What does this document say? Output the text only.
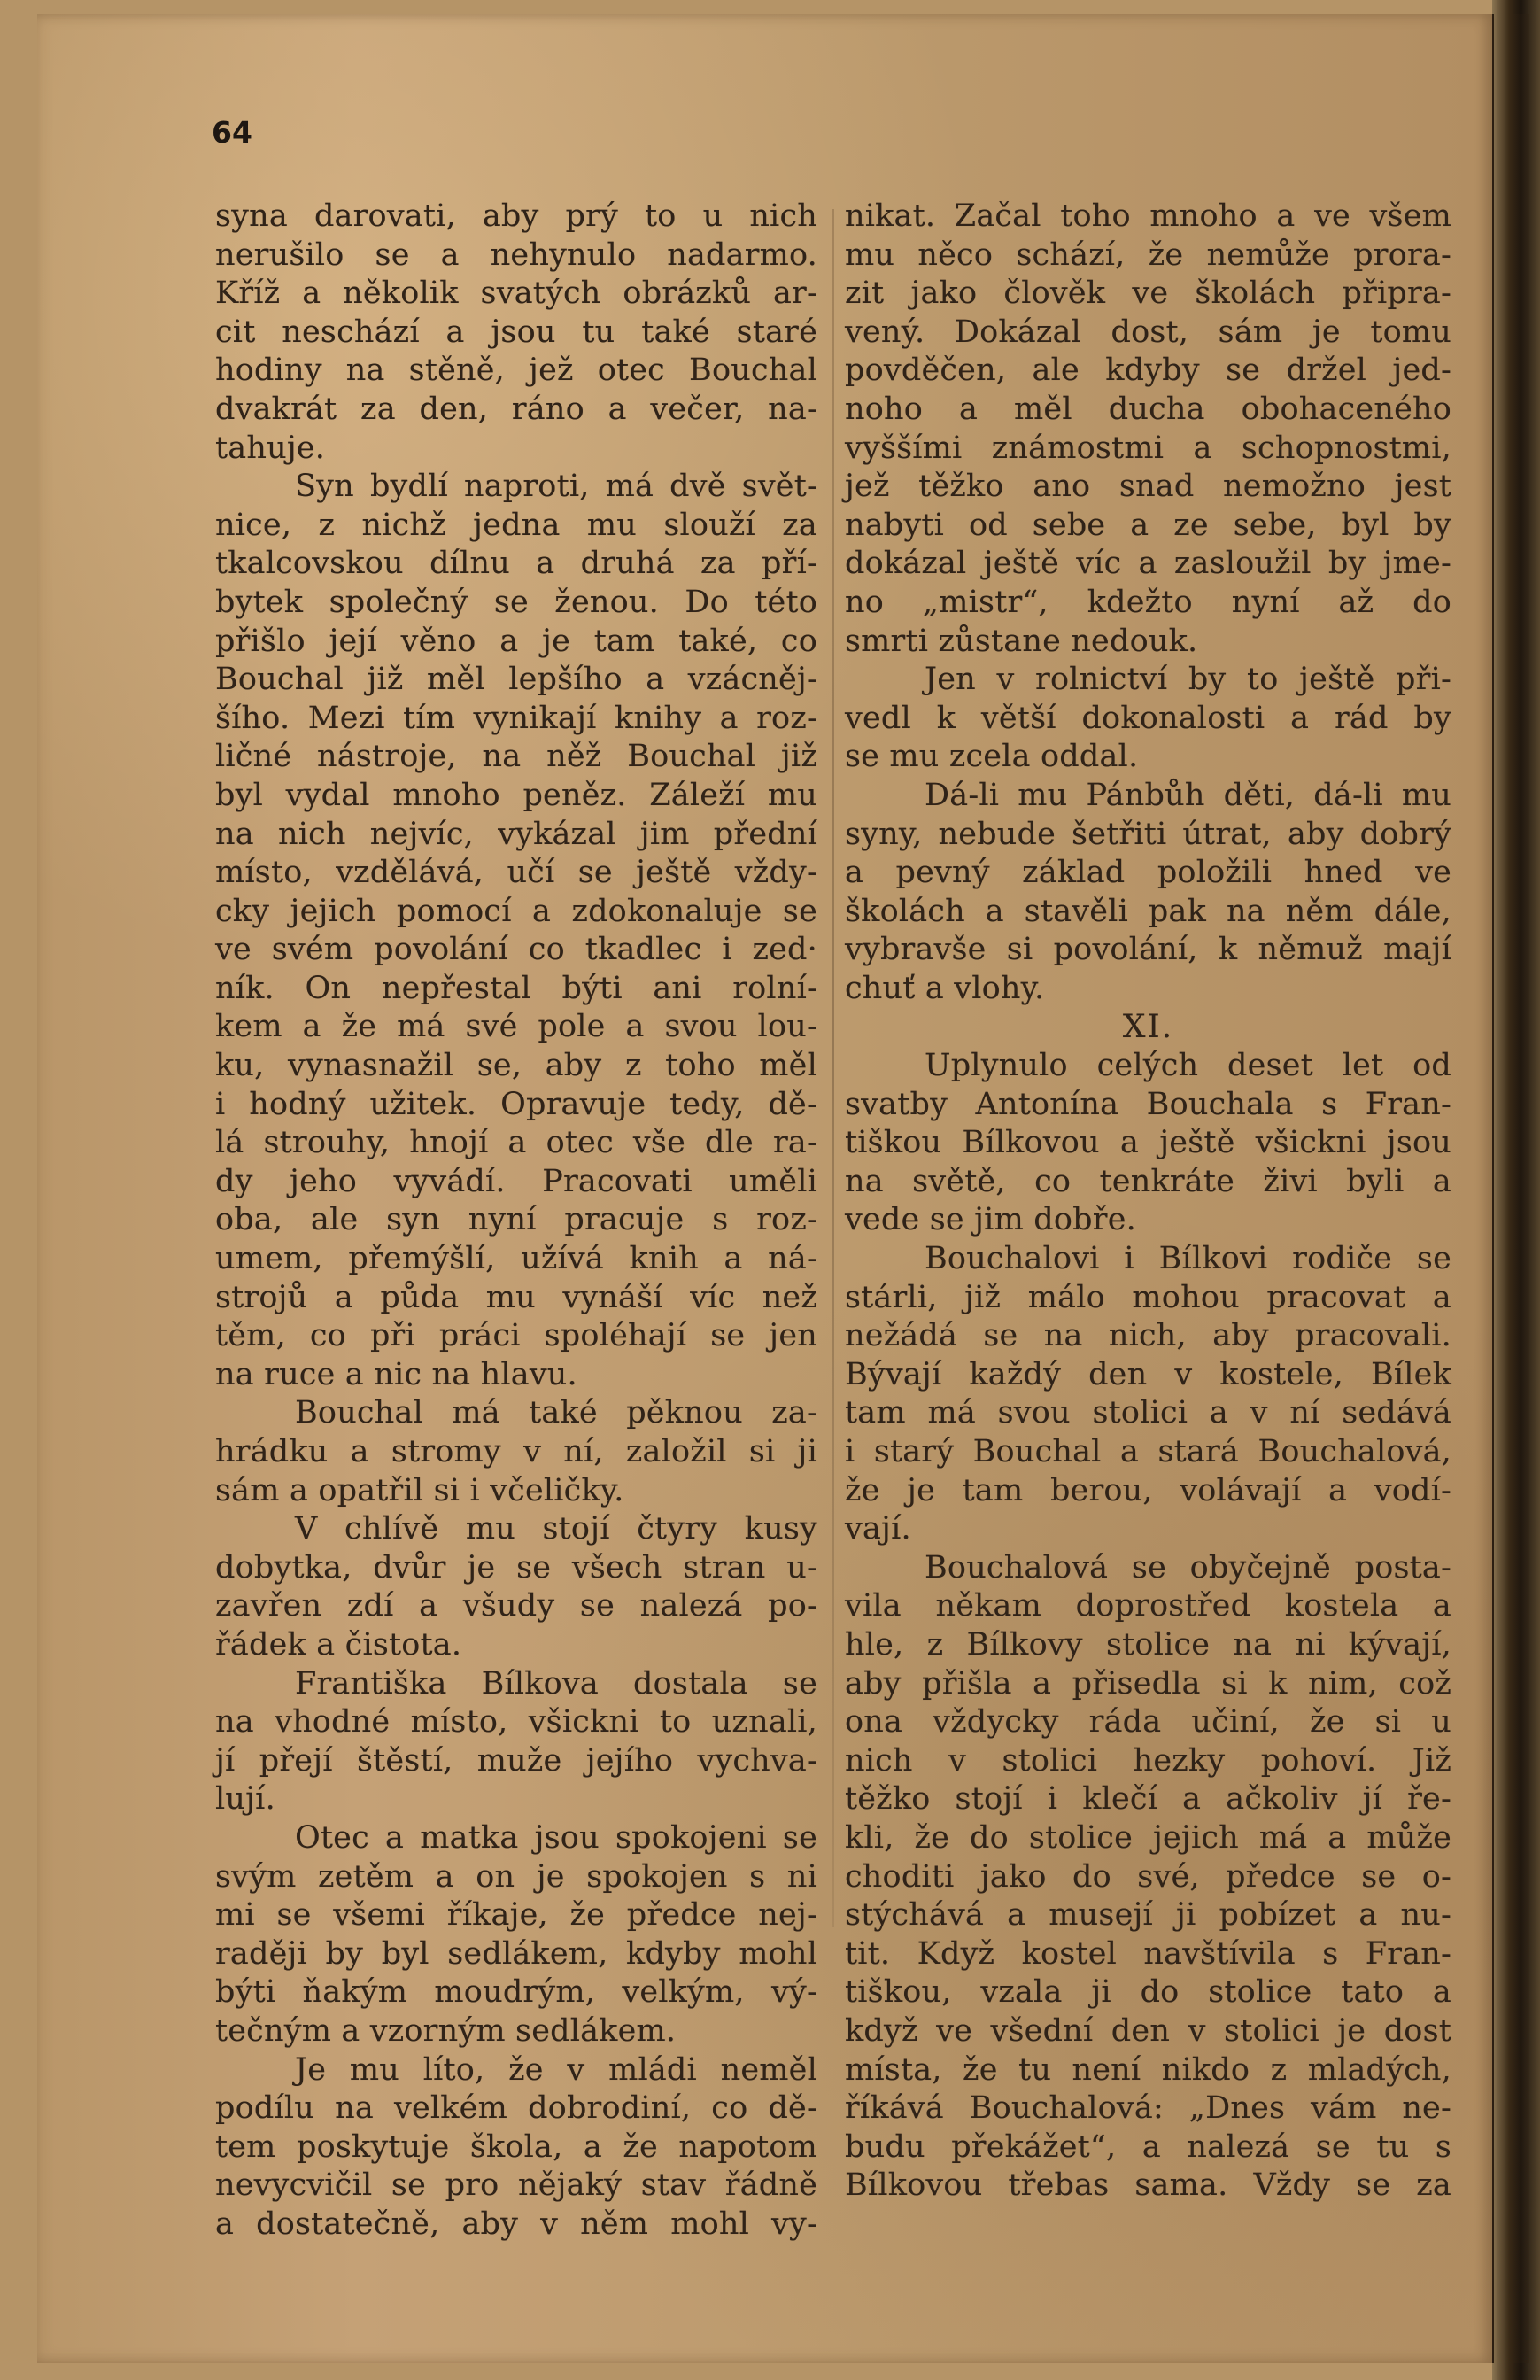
64
syna darovati, aby prý to u nich
nerušilo se a nehynulo nadarmo.
Kříž a několik svatých obrázků ar-
cit neschází a jsou tu také staré
hodiny na stěně, jež otec Bouchal
dvakrát za den, ráno a večer, na-
tahuje.
Syn bydlí naproti, má dvě svět-
nice, z nichž jedna mu slouží za
tkalcovskou dílnu a druhá za pří-
bytek společný se ženou. Do této
přišlo její věno a je tam také, co
Bouchal již měl lepšího a vzácněj-
šího. Mezi tím vynikají knihy a roz-
ličné nástroje, na něž Bouchal již
byl vydal mnoho peněz. Záleží mu
na nich nejvíc, vykázal jim přední
místo, vzdělává, učí se ještě vždy-
cky jejich pomocí a zdokonaluje se
ve svém povolání co tkadlec i zed·
ník. On nepřestal býti ani rolní-
kem a že má své pole a svou lou-
ku, vynasnažil se, aby z toho měl
i hodný užitek. Opravuje tedy, dě-
lá strouhy, hnojí a otec vše dle ra-
dy jeho vyvádí. Pracovati uměli
oba, ale syn nyní pracuje s roz-
umem, přemýšlí, užívá knih a ná-
strojů a půda mu vynáší víc než
těm, co při práci spoléhají se jen
na ruce a nic na hlavu.
Bouchal má také pěknou za-
hrádku a stromy v ní, založil si ji
sám a opatřil si i včeličky.
V chlívě mu stojí čtyry kusy
dobytka, dvůr je se všech stran u-
zavřen zdí a všudy se nalezá po-
řádek a čistota.
Františka Bílkova dostala se
na vhodné místo, všickni to uznali,
jí přejí štěstí, muže jejího vychva-
lují.
Otec a matka jsou spokojeni se
svým zetěm a on je spokojen s ni
mi se všemi říkaje, že předce nej-
raději by byl sedlákem, kdyby mohl
býti ňakým moudrým, velkým, vý-
tečným a vzorným sedlákem.
Je mu líto, že v mládi neměl
podílu na velkém dobrodiní, co dě-
tem poskytuje škola, a že napotom
nevycvičil se pro nějaký stav řádně
a dostatečně, aby v něm mohl vy-
nikat. Začal toho mnoho a ve všem
mu něco schází, že nemůže prora-
zit jako člověk ve školách připra-
vený. Dokázal dost, sám je tomu
povděčen, ale kdyby se držel jed-
noho a měl ducha obohaceného
vyššími známostmi a schopnostmi,
jež těžko ano snad nemožno jest
nabyti od sebe a ze sebe, byl by
dokázal ještě víc a zasloužil by jme-
no „mistr“, kdežto nyní až do
smrti zůstane nedouk.
Jen v rolnictví by to ještě při-
vedl k větší dokonalosti a rád by
se mu zcela oddal.
Dá-li mu Pánbůh děti, dá-li mu
syny, nebude šetřiti útrat, aby dobrý
a pevný základ položili hned ve
školách a stavěli pak na něm dále,
vybravše si povolání, k němuž mají
chuť a vlohy.
XI.
Uplynulo celých deset let od
svatby Antonína Bouchala s Fran-
tiškou Bílkovou a ještě všickni jsou
na světě, co tenkráte živi byli a
vede se jim dobře.
Bouchalovi i Bílkovi rodiče se
stárli, již málo mohou pracovat a
nežádá se na nich, aby pracovali.
Bývají každý den v kostele, Bílek
tam má svou stolici a v ní sedává
i starý Bouchal a stará Bouchalová,
že je tam berou, volávají a vodí-
vají.
Bouchalová se obyčejně posta-
vila někam doprostřed kostela a
hle, z Bílkovy stolice na ni kývají,
aby přišla a přisedla si k nim, což
ona vždycky ráda učiní, že si u
nich v stolici hezky pohoví. Již
těžko stojí i klečí a ačkoliv jí ře-
kli, že do stolice jejich má a může
choditi jako do své, předce se o-
stýchává a musejí ji pobízet a nu-
tit. Když kostel navštívila s Fran-
tiškou, vzala ji do stolice tato a
když ve všední den v stolici je dost
místa, že tu není nikdo z mladých,
říkává Bouchalová: „Dnes vám ne-
budu překážet“, a nalezá se tu s
Bílkovou třebas sama. Vždy se za
